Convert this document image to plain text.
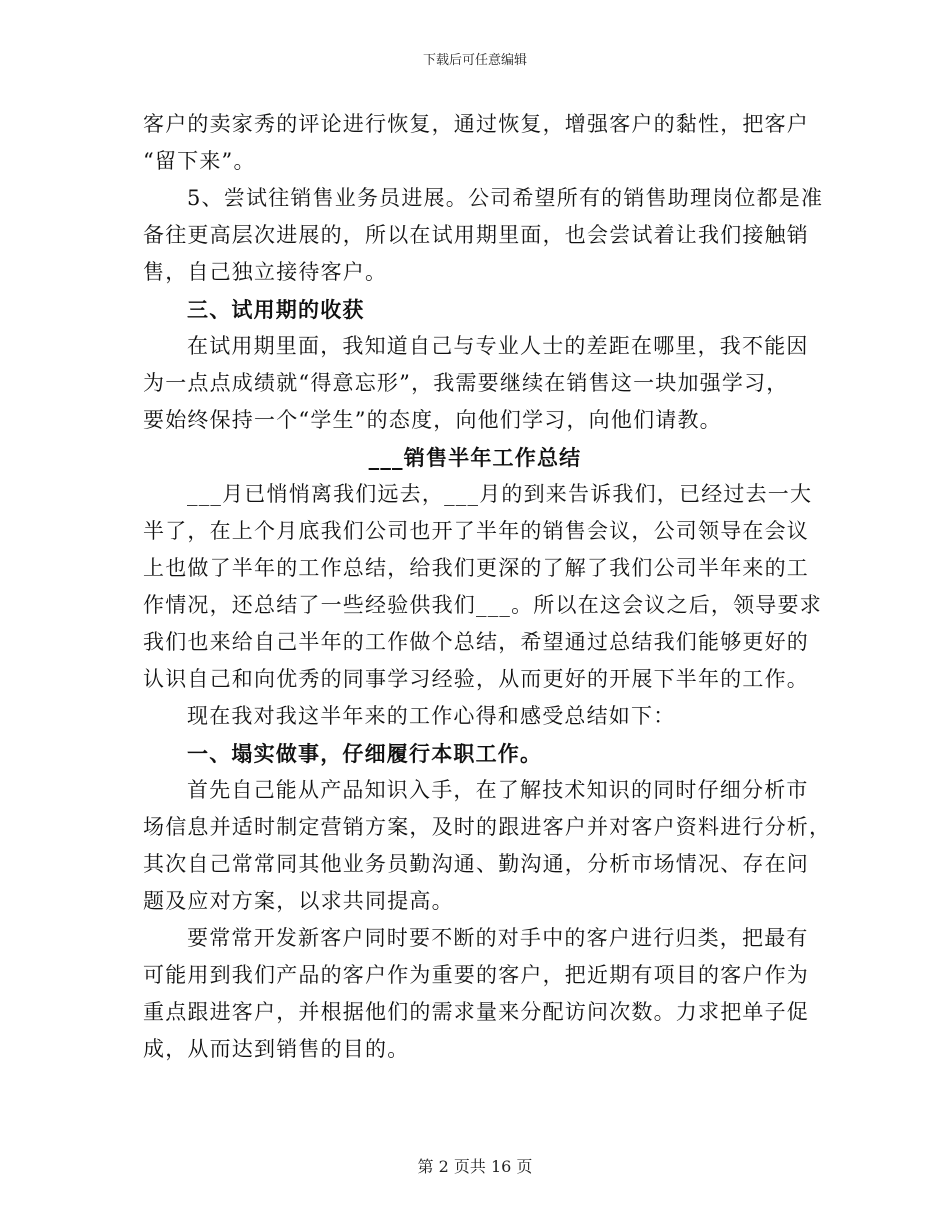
下载后可任意编辑

客户的卖家秀的评论进行恢复，通过恢复，增强客户的黏性，把客户
“留下来”。

5、尝试往销售业务员进展。公司希望所有的销售助理岗位都是准
备往更高层次进展的，所以在试用期里面，也会尝试着让我们接触销
售，自己独立接待客户。

三、试用期的收获

在试用期里面，我知道自己与专业人士的差距在哪里，我不能因
为一点点成绩就“得意忘形”，我需要继续在销售这一块加强学习，
要始终保持一个“学生”的态度，向他们学习，向他们请教。

___销售半年工作总结

___月已悄悄离我们远去，___月的到来告诉我们，已经过去一大
半了，在上个月底我们公司也开了半年的销售会议，公司领导在会议
上也做了半年的工作总结，给我们更深的了解了我们公司半年来的工
作情况，还总结了一些经验供我们___。所以在这会议之后，领导要求
我们也来给自己半年的工作做个总结，希望通过总结我们能够更好的
认识自己和向优秀的同事学习经验，从而更好的开展下半年的工作。

现在我对我这半年来的工作心得和感受总结如下：

一、塌实做事，仔细履行本职工作。

首先自己能从产品知识入手，在了解技术知识的同时仔细分析市
场信息并适时制定营销方案，及时的跟进客户并对客户资料进行分析，
其次自己常常同其他业务员勤沟通、勤沟通，分析市场情况、存在问
题及应对方案，以求共同提高。

要常常开发新客户同时要不断的对手中的客户进行归类，把最有
可能用到我们产品的客户作为重要的客户，把近期有项目的客户作为
重点跟进客户，并根据他们的需求量来分配访问次数。力求把单子促
成，从而达到销售的目的。

第 2 页共 16 页
